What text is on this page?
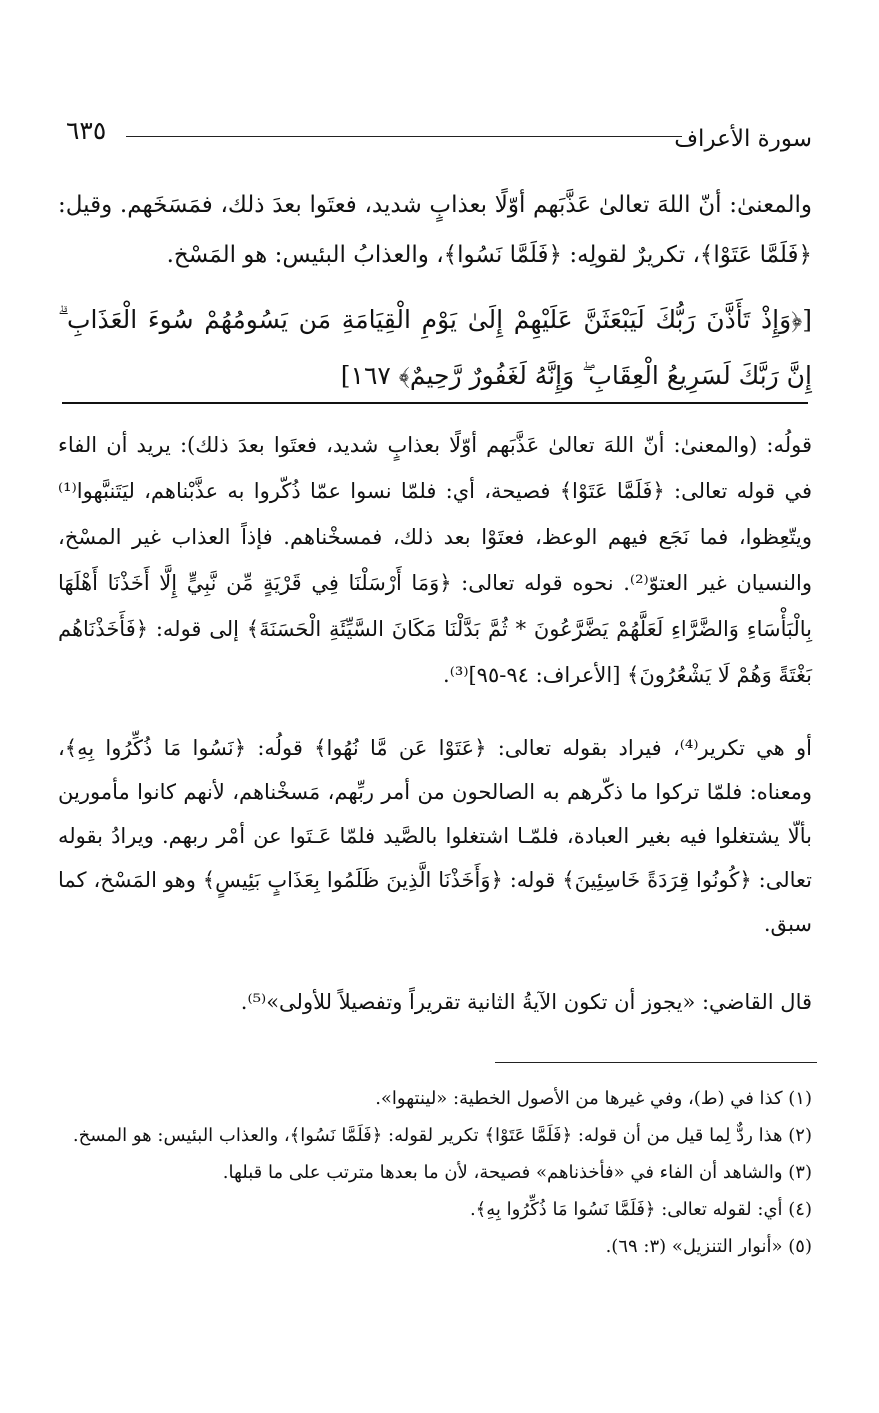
٦٣٥	سورة الأعراف

والمعنىٰ: أنّ اللهَ تعالىٰ عَذَّبَهم أوّلًا بعذابٍ شديد، فعتَوا بعدَ ذلك، فمَسَخَهم. وقيل: ﴿فَلَمَّا عَتَوْا﴾، تكريرٌ لقولِه: ﴿فَلَمَّا نَسُوا﴾، والعذابُ البئيس: هو المَسْخ.

[﴿وَإِذْ تَأَذَّنَ رَبُّكَ لَيَبْعَثَنَّ عَلَيْهِمْ إِلَىٰ يَوْمِ الْقِيَامَةِ مَن يَسُومُهُمْ سُوءَ الْعَذَابِ ۗ إِنَّ رَبَّكَ لَسَرِيعُ الْعِقَابِ ۖ وَإِنَّهُ لَغَفُورٌ رَّحِيمٌ﴾ ١٦٧]

قولُه: (والمعنىٰ: أنّ اللهَ تعالىٰ عَذَّبَهم أوّلًا بعذابٍ شديد، فعتَوا بعدَ ذلك): يريد أن الفاء في قوله تعالى: ﴿فَلَمَّا عَتَوْا﴾ فصيحة، أي: فلمّا نسوا عمّا ذُكّروا به عذَّبْناهم، ليَتَنبَّهوا⁽¹⁾ ويتّعِظوا، فما نَجَع فيهم الوعظ، فعتَوْا بعد ذلك، فمسخْناهم. فإذاً العذاب غير المسْخ، والنسيان غير العتوّ⁽²⁾. نحوه قوله تعالى: ﴿وَمَا أَرْسَلْنَا فِي قَرْيَةٍ مِّن نَّبِيٍّ إِلَّا أَخَذْنَا أَهْلَهَا بِالْبَأْسَاءِ وَالضَّرَّاءِ لَعَلَّهُمْ يَضَّرَّعُونَ * ثُمَّ بَدَّلْنَا مَكَانَ السَّيِّئَةِ الْحَسَنَةَ﴾ إلى قوله: ﴿فَأَخَذْنَاهُم بَغْتَةً وَهُمْ لَا يَشْعُرُونَ﴾ [الأعراف: ٩٤-٩٥]⁽³⁾.

أو هي تكرير⁽⁴⁾، فيراد بقوله تعالى: ﴿عَتَوْا عَن مَّا نُهُوا﴾ قولُه: ﴿نَسُوا مَا ذُكِّرُوا بِهِ﴾، ومعناه: فلمّا تركوا ما ذكّرهم به الصالحون من أمر ربِّهم، مَسخْناهم، لأنهم كانوا مأمورين بألّا يشتغلوا فيه بغير العبادة، فلمّـا اشتغلوا بالصَّيد فلمّا عَـتَوا عن أمْر ربهم. ويرادُ بقوله تعالى: ﴿كُونُوا قِرَدَةً خَاسِئِينَ﴾ قوله: ﴿وَأَخَذْنَا الَّذِينَ ظَلَمُوا بِعَذَابٍ بَئِيسٍ﴾ وهو المَسْخ، كما سبق.

قال القاضي: «يجوز أن تكون الآيةُ الثانية تقريراً وتفصيلاً للأولى»⁽⁵⁾.

(١) كذا في (ط)، وفي غيرها من الأصول الخطية: «لينتهوا».
(٢) هذا ردٌّ لِما قيل من أن قوله: ﴿فَلَمَّا عَتَوْا﴾ تكرير لقوله: ﴿فَلَمَّا نَسُوا﴾، والعذاب البئيس: هو المسخ.
(٣) والشاهد أن الفاء في «فأخذناهم» فصيحة، لأن ما بعدها مترتب على ما قبلها.
(٤) أي: لقوله تعالى: ﴿فَلَمَّا نَسُوا مَا ذُكِّرُوا بِهِ﴾.
(٥) «أنوار التنزيل» (٣: ٦٩).
